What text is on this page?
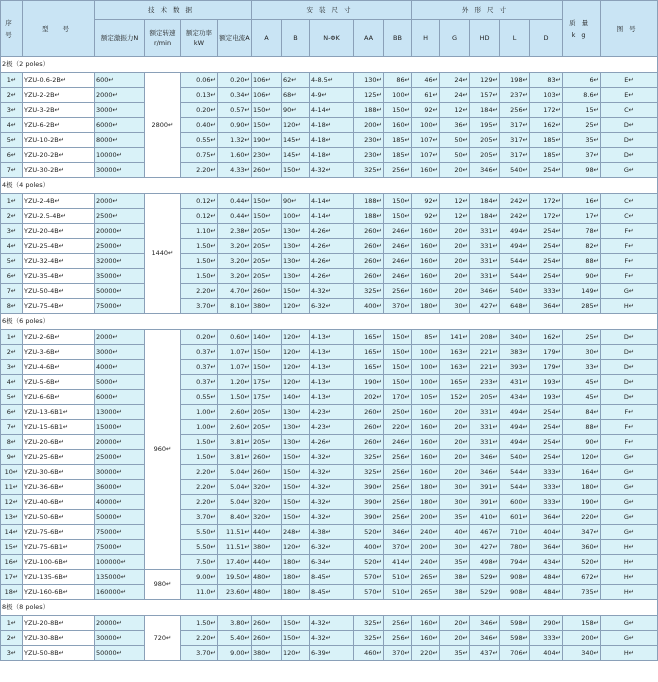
序号	型 号	技术数据				安装尺寸					外形尺寸					质量kg	图号
		额定激振力N	额定转速r/min	额定功率kW	额定电流A	A	B	N-ΦK	AA	BB	H	G	HD	L	D		
2极（2 poles）																	
1↵	YZU-0.6-2B↵	600↵	2800↵	0.06↵	0.20↵	106↵	62↵	4-8.5↵	130↵	86↵	46↵	24↵	129↵	198↵	83↵	6↵	E↵
2↵	YZU-2-2B↵	2000↵		0.13↵	0.34↵	106↵	68↵	4-9↵	125↵	100↵	61↵	24↵	157↵	237↵	103↵	8.6↵	E↵
3↵	YZU-3-2B↵	3000↵		0.20↵	0.57↵	150↵	90↵	4-14↵	188↵	150↵	92↵	12↵	184↵	256↵	172↵	15↵	C↵
4↵	YZU-6-2B↵	6000↵		0.40↵	0.90↵	150↵	120↵	4-18↵	200↵	160↵	100↵	36↵	195↵	317↵	162↵	25↵	D↵
5↵	YZU-10-2B↵	8000↵		0.55↵	1.32↵	190↵	145↵	4-18↵	230↵	185↵	107↵	50↵	205↵	317↵	185↵	35↵	D↵
6↵	YZU-20-2B↵	10000↵		0.75↵	1.60↵	230↵	145↵	4-18↵	230↵	185↵	107↵	50↵	205↵	317↵	185↵	37↵	D↵
7↵	YZU-30-2B↵	30000↵		2.20↵	4.33↵	260↵	150↵	4-32↵	325↵	256↵	160↵	20↵	346↵	540↵	254↵	98↵	G↵
4极（4 poles）																	
1↵	YZU-2-4B↵	2000↵	1440↵	0.12↵	0.44↵	150↵	90↵	4-14↵	188↵	150↵	92↵	12↵	184↵	242↵	172↵	16↵	C↵
2↵	YZU-2.5-4B↵	2500↵		0.12↵	0.44↵	150↵	100↵	4-14↵	188↵	150↵	92↵	12↵	184↵	242↵	172↵	17↵	C↵
3↵	YZU-20-4B↵	20000↵		1.10↵	2.38↵	205↵	130↵	4-26↵	260↵	246↵	160↵	20↵	331↵	494↵	254↵	78↵	F↵
4↵	YZU-25-4B↵	25000↵		1.50↵	3.20↵	205↵	130↵	4-26↵	260↵	246↵	160↵	20↵	331↵	494↵	254↵	82↵	F↵
5↵	YZU-32-4B↵	32000↵		1.50↵	3.20↵	205↵	130↵	4-26↵	260↵	246↵	160↵	20↵	331↵	544↵	254↵	88↵	F↵
6↵	YZU-35-4B↵	35000↵		1.50↵	3.20↵	205↵	130↵	4-26↵	260↵	246↵	160↵	20↵	331↵	544↵	254↵	90↵	F↵
7↵	YZU-50-4B↵	50000↵		2.20↵	4.70↵	260↵	150↵	4-32↵	325↵	256↵	160↵	20↵	346↵	540↵	333↵	149↵	G↵
8↵	YZU-75-4B↵	75000↵		3.70↵	8.10↵	380↵	120↵	6-32↵	400↵	370↵	180↵	30↵	427↵	648↵	364↵	285↵	H↵
6极（6 poles）																	
1↵	YZU-2-6B↵	2000↵	960↵	0.20↵	0.60↵	140↵	120↵	4-13↵	165↵	150↵	85↵	141↵	208↵	340↵	162↵	25↵	D↵
2↵	YZU-3-6B↵	3000↵		0.37↵	1.07↵	150↵	120↵	4-13↵	165↵	150↵	100↵	163↵	221↵	383↵	179↵	30↵	D↵
3↵	YZU-4-6B↵	4000↵		0.37↵	1.07↵	150↵	120↵	4-13↵	165↵	150↵	100↵	163↵	221↵	393↵	179↵	33↵	D↵
4↵	YZU-5-6B↵	5000↵		0.37↵	1.20↵	175↵	120↵	4-13↵	190↵	150↵	100↵	165↵	233↵	431↵	193↵	45↵	D↵
5↵	YZU-6-6B↵	6000↵		0.55↵	1.50↵	175↵	140↵	4-13↵	202↵	170↵	105↵	152↵	205↵	434↵	193↵	45↵	D↵
6↵	YZU-13-6B1↵	13000↵		1.00↵	2.60↵	205↵	130↵	4-23↵	260↵	250↵	160↵	20↵	331↵	494↵	254↵	84↵	F↵
7↵	YZU-15-6B1↵	15000↵		1.00↵	2.60↵	205↵	130↵	4-23↵	260↵	220↵	160↵	20↵	331↵	494↵	254↵	88↵	F↵
8↵	YZU-20-6B↵	20000↵		1.50↵	3.81↵	205↵	130↵	4-26↵	260↵	246↵	160↵	20↵	331↵	494↵	254↵	90↵	F↵
9↵	YZU-25-6B↵	25000↵		1.50↵	3.81↵	260↵	150↵	4-32↵	325↵	256↵	160↵	20↵	346↵	540↵	254↵	120↵	G↵
10↵	YZU-30-6B↵	30000↵		2.20↵	5.04↵	260↵	150↵	4-32↵	325↵	256↵	160↵	20↵	346↵	544↵	333↵	164↵	G↵
11↵	YZU-36-6B↵	36000↵		2.20↵	5.04↵	320↵	150↵	4-32↵	390↵	256↵	180↵	30↵	391↵	544↵	333↵	180↵	G↵
12↵	YZU-40-6B↵	40000↵		2.20↵	5.04↵	320↵	150↵	4-32↵	390↵	256↵	180↵	30↵	391↵	600↵	333↵	190↵	G↵
13↵	YZU-50-6B↵	50000↵		3.70↵	8.40↵	320↵	150↵	4-32↵	390↵	256↵	200↵	35↵	410↵	601↵	364↵	220↵	G↵
14↵	YZU-75-6B↵	75000↵		5.50↵	11.51↵	440↵	248↵	4-38↵	520↵	346↵	240↵	40↵	467↵	710↵	404↵	347↵	G↵
15↵	YZU-75-6B1↵	75000↵		5.50↵	11.51↵	380↵	120↵	6-32↵	400↵	370↵	200↵	30↵	427↵	780↵	364↵	360↵	H↵
16↵	YZU-100-6B↵	100000↵		7.50↵	17.40↵	440↵	180↵	6-34↵	520↵	414↵	240↵	35↵	498↵	794↵	434↵	520↵	H↵
17↵	YZU-135-6B↵	135000↵	980↵	9.00↵	19.50↵	480↵	180↵	8-45↵	570↵	510↵	265↵	38↵	529↵	908↵	484↵	672↵	H↵
18↵	YZU-160-6B↵	160000↵		11.0↵	23.60↵	480↵	180↵	8-45↵	570↵	510↵	265↵	38↵	529↵	908↵	484↵	735↵	H↵
8极（8 poles）																	
1↵	YZU-20-8B↵	20000↵	720↵	1.50↵	3.80↵	260↵	150↵	4-32↵	325↵	256↵	160↵	20↵	346↵	598↵	290↵	158↵	G↵
2↵	YZU-30-8B↵	30000↵		2.20↵	5.40↵	260↵	150↵	4-32↵	325↵	256↵	160↵	20↵	346↵	598↵	333↵	200↵	G↵
3↵	YZU-50-8B↵	50000↵		3.70↵	9.00↵	380↵	120↵	6-39↵	460↵	370↵	220↵	35↵	437↵	706↵	404↵	340↵	H↵
